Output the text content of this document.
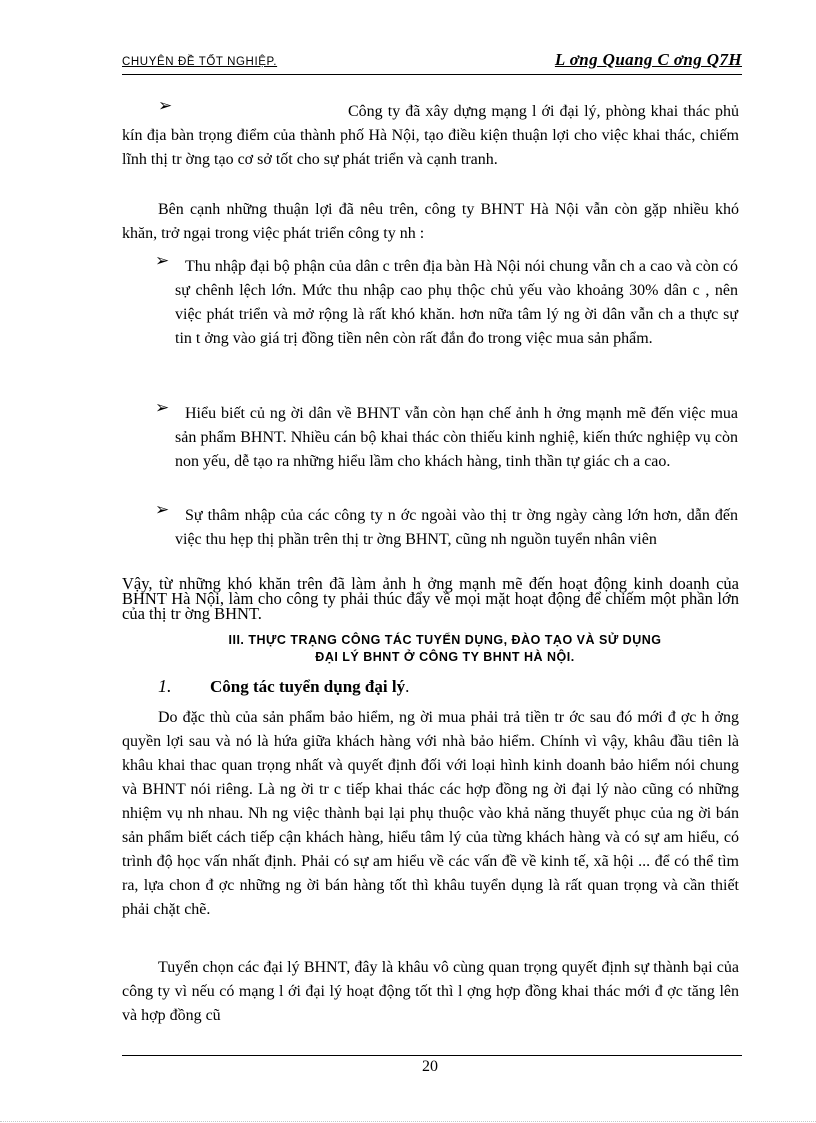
CHUYÊN ĐỀ TỐT NGHIỆP.	L ơng Quang C ơng Q7H
➢	Công ty đã xây dựng mạng l ới đại lý, phòng khai thác phủ kín địa bàn trọng điểm của thành phố Hà Nội, tạo điều kiện thuận lợi cho việc khai thác, chiếm lĩnh thị tr ờng tạo cơ sở tốt cho sự phát triển và cạnh tranh.
Bên cạnh những thuận lợi đã nêu trên, công ty BHNT Hà Nội vẫn còn gặp nhiều khó khăn, trở ngại trong việc phát triển công ty nh :
➢ Thu nhập đại bộ phận của dân c trên địa bàn Hà Nội nói chung vẫn ch a cao và còn có sự chênh lệch lớn. Mức thu nhập cao phụ thộc chủ yếu vào khoảng 30% dân c , nên việc phát triển và mở rộng là rất khó khăn. hơn nữa tâm lý ng ời dân vẫn ch a thực sự tin t ởng vào giá trị đồng tiền nên còn rất đắn đo trong việc mua sản phẩm.
➢ Hiểu biết củ ng ời dân về BHNT vẫn còn hạn chế ảnh h ởng mạnh mẽ đến việc mua sản phẩm BHNT. Nhiều cán bộ khai thác còn thiếu kinh nghiệ, kiến thức nghiệp vụ còn non yếu, dễ tạo ra những hiểu lầm cho khách hàng, tinh thần tự giác ch a cao.
➢ Sự thâm nhập của các công ty n ớc ngoài vào thị tr ờng ngày càng lớn hơn, dẫn đến việc thu hẹp thị phần trên thị tr ờng BHNT, cũng nh nguồn tuyển nhân viên
Vậy, từ những khó khăn trên đã làm ảnh h ởng mạnh mẽ đến hoạt động kinh doanh của BHNT Hà Nội, làm cho công ty phải thúc đẩy về mọi mặt hoạt động để chiếm một phần lớn của thị tr ờng BHNT.
III. THỰC TRẠNG CÔNG TÁC TUYỂN DỤNG, ĐÀO TẠO VÀ SỬ DỤNG
ĐẠI LÝ BHNT Ở CÔNG TY BHNT HÀ NỘI.
1. Công tác tuyển dụng đại lý.
Do đặc thù của sản phẩm bảo hiểm, ng ời mua phải trả tiền tr ớc sau đó mới đ ợc h ởng quyền lợi sau và nó là hứa giữa khách hàng với nhà bảo hiểm. Chính vì vậy, khâu đầu tiên là khâu khai thac quan trọng nhất và quyết định đối với loại hình kinh doanh bảo hiểm nói chung và BHNT nói riêng. Là ng ời tr c tiếp khai thác các hợp đồng ng ời đại lý nào cũng có những nhiệm vụ nh nhau. Nh ng việc thành bại lại phụ thuộc vào khả năng thuyết phục của ng ời bán sản phẩm biết cách tiếp cận khách hàng, hiểu tâm lý của từng khách hàng và có sự am hiểu, có trình độ học vấn nhất định. Phải có sự am hiểu về các vấn đề về kinh tế, xã hội ... để có thể tìm ra, lựa chon đ ợc những ng ời bán hàng tốt thì khâu tuyển dụng là rất quan trọng và cần thiết phải chặt chẽ.
Tuyển chọn các đại lý BHNT, đây là khâu vô cùng quan trọng quyết định sự thành bại của công ty vì nếu có mạng l ới đại lý hoạt động tốt thì l ợng hợp đồng khai thác mới đ ợc tăng lên và hợp đồng cũ
20
